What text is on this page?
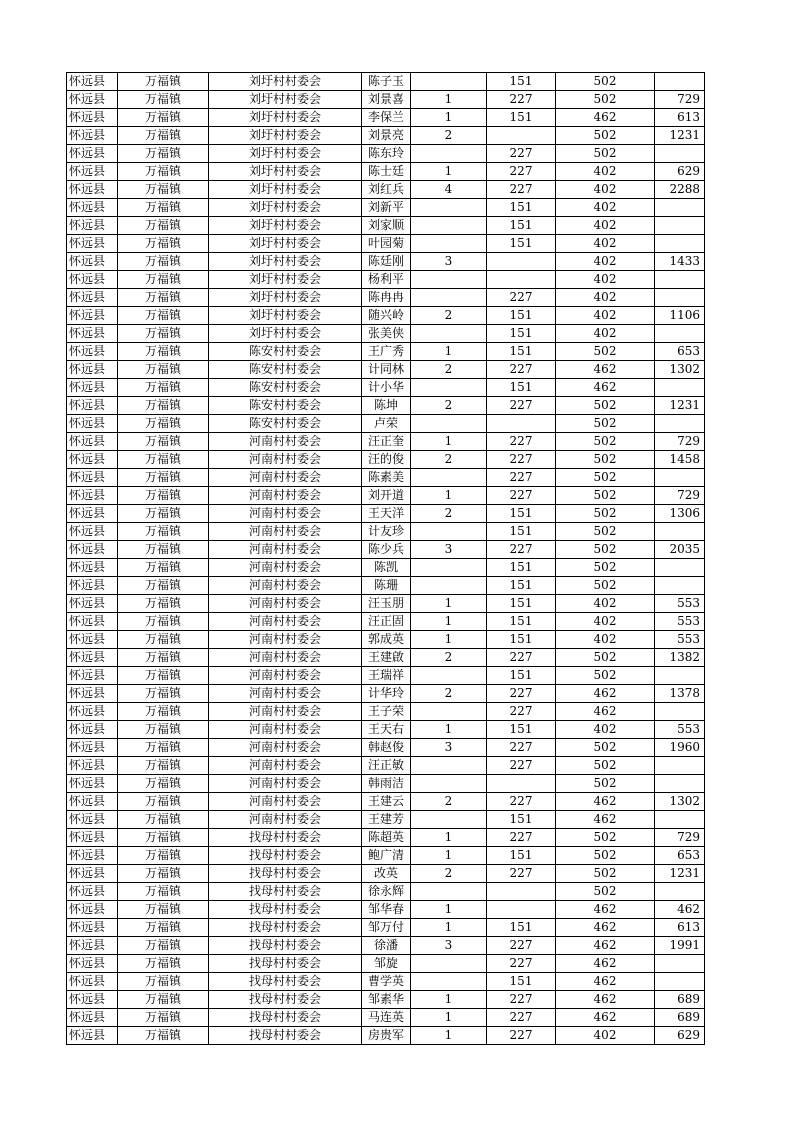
怀远县	万福镇	刘圩村村委会	陈子玉		151	502	
怀远县	万福镇	刘圩村村委会	刘景喜	1	227	502	729
怀远县	万福镇	刘圩村村委会	李保兰	1	151	462	613
怀远县	万福镇	刘圩村村委会	刘景亮	2		502	1231
怀远县	万福镇	刘圩村村委会	陈东玲		227	502	
怀远县	万福镇	刘圩村村委会	陈士廷	1	227	402	629
怀远县	万福镇	刘圩村村委会	刘红兵	4	227	402	2288
怀远县	万福镇	刘圩村村委会	刘新平		151	402	
怀远县	万福镇	刘圩村村委会	刘家顺		151	402	
怀远县	万福镇	刘圩村村委会	叶园菊		151	402	
怀远县	万福镇	刘圩村村委会	陈廷刚	3		402	1433
怀远县	万福镇	刘圩村村委会	杨利平			402	
怀远县	万福镇	刘圩村村委会	陈冉冉		227	402	
怀远县	万福镇	刘圩村村委会	随兴岭	2	151	402	1106
怀远县	万福镇	刘圩村村委会	张美侠		151	402	
怀远县	万福镇	陈安村村委会	王广秀	1	151	502	653
怀远县	万福镇	陈安村村委会	计同林	2	227	462	1302
怀远县	万福镇	陈安村村委会	计小华		151	462	
怀远县	万福镇	陈安村村委会	陈坤	2	227	502	1231
怀远县	万福镇	陈安村村委会	卢荣			502	
怀远县	万福镇	河南村村委会	汪正奎	1	227	502	729
怀远县	万福镇	河南村村委会	汪的俊	2	227	502	1458
怀远县	万福镇	河南村村委会	陈素美		227	502	
怀远县	万福镇	河南村村委会	刘开道	1	227	502	729
怀远县	万福镇	河南村村委会	王天洋	2	151	502	1306
怀远县	万福镇	河南村村委会	计友珍		151	502	
怀远县	万福镇	河南村村委会	陈少兵	3	227	502	2035
怀远县	万福镇	河南村村委会	陈凯		151	502	
怀远县	万福镇	河南村村委会	陈珊		151	502	
怀远县	万福镇	河南村村委会	汪玉朋	1	151	402	553
怀远县	万福镇	河南村村委会	汪正固	1	151	402	553
怀远县	万福镇	河南村村委会	郭成英	1	151	402	553
怀远县	万福镇	河南村村委会	王建啟	2	227	502	1382
怀远县	万福镇	河南村村委会	王瑞祥		151	502	
怀远县	万福镇	河南村村委会	计华玲	2	227	462	1378
怀远县	万福镇	河南村村委会	王子荣		227	462	
怀远县	万福镇	河南村村委会	王天右	1	151	402	553
怀远县	万福镇	河南村村委会	韩赵俊	3	227	502	1960
怀远县	万福镇	河南村村委会	汪正敏		227	502	
怀远县	万福镇	河南村村委会	韩雨洁			502	
怀远县	万福镇	河南村村委会	王建云	2	227	462	1302
怀远县	万福镇	河南村村委会	王建芳		151	462	
怀远县	万福镇	找母村村委会	陈超英	1	227	502	729
怀远县	万福镇	找母村村委会	鲍广清	1	151	502	653
怀远县	万福镇	找母村村委会	改英	2	227	502	1231
怀远县	万福镇	找母村村委会	徐永辉			502	
怀远县	万福镇	找母村村委会	邹华春	1		462	462
怀远县	万福镇	找母村村委会	邹万付	1	151	462	613
怀远县	万福镇	找母村村委会	徐潘	3	227	462	1991
怀远县	万福镇	找母村村委会	邹旋		227	462	
怀远县	万福镇	找母村村委会	曹学英		151	462	
怀远县	万福镇	找母村村委会	邹素华	1	227	462	689
怀远县	万福镇	找母村村委会	马连英	1	227	462	689
怀远县	万福镇	找母村村委会	房贵军	1	227	402	629
